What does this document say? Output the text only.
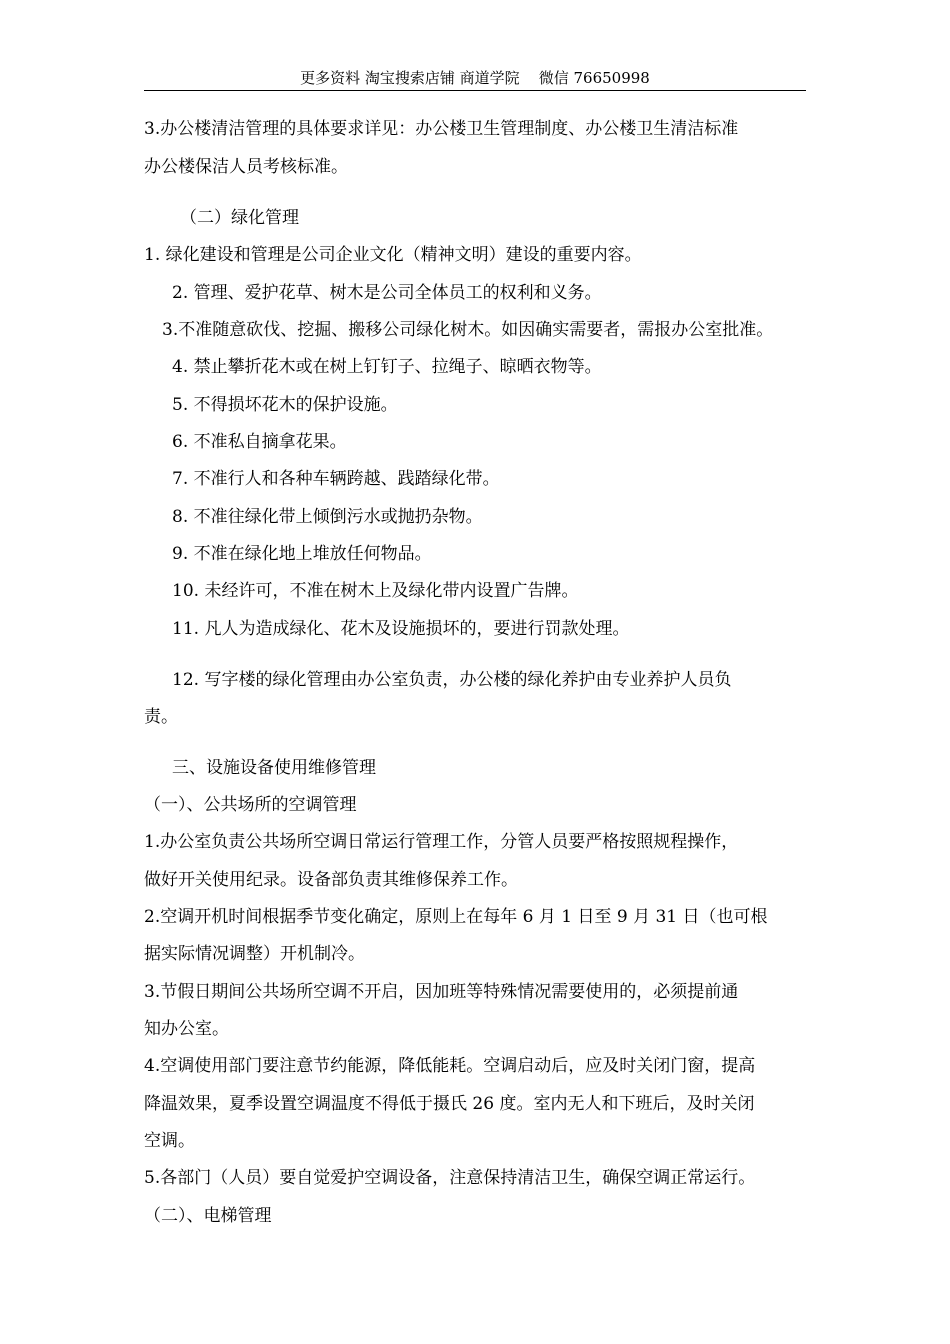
更多资料 淘宝搜索店铺 商道学院    微信 76650998
3.办公楼清洁管理的具体要求详见：办公楼卫生管理制度、办公楼卫生清洁标准
办公楼保洁人员考核标准。
（二）绿化管理
1. 绿化建设和管理是公司企业文化（精神文明）建设的重要内容。
2. 管理、爱护花草、树木是公司全体员工的权利和义务。
3.不准随意砍伐、挖掘、搬移公司绿化树木。如因确实需要者，需报办公室批准。
4. 禁止攀折花木或在树上钉钉子、拉绳子、晾晒衣物等。
5. 不得损坏花木的保护设施。
6. 不准私自摘拿花果。
7. 不准行人和各种车辆跨越、践踏绿化带。
8. 不准往绿化带上倾倒污水或抛扔杂物。
9. 不准在绿化地上堆放任何物品。
10. 未经许可，不准在树木上及绿化带内设置广告牌。
11. 凡人为造成绿化、花木及设施损坏的，要进行罚款处理。
12. 写字楼的绿化管理由办公室负责，办公楼的绿化养护由专业养护人员负
责。
三、设施设备使用维修管理
（一）、公共场所的空调管理
1.办公室负责公共场所空调日常运行管理工作，分管人员要严格按照规程操作，
做好开关使用纪录。设备部负责其维修保养工作。
2.空调开机时间根据季节变化确定，原则上在每年 6 月 1 日至 9 月 31 日（也可根
据实际情况调整）开机制冷。
3.节假日期间公共场所空调不开启，因加班等特殊情况需要使用的，必须提前通
知办公室。
4.空调使用部门要注意节约能源，降低能耗。空调启动后，应及时关闭门窗，提高
降温效果，夏季设置空调温度不得低于摄氏 26 度。室内无人和下班后，及时关闭
空调。
5.各部门（人员）要自觉爱护空调设备，注意保持清洁卫生，确保空调正常运行。
（二）、电梯管理
